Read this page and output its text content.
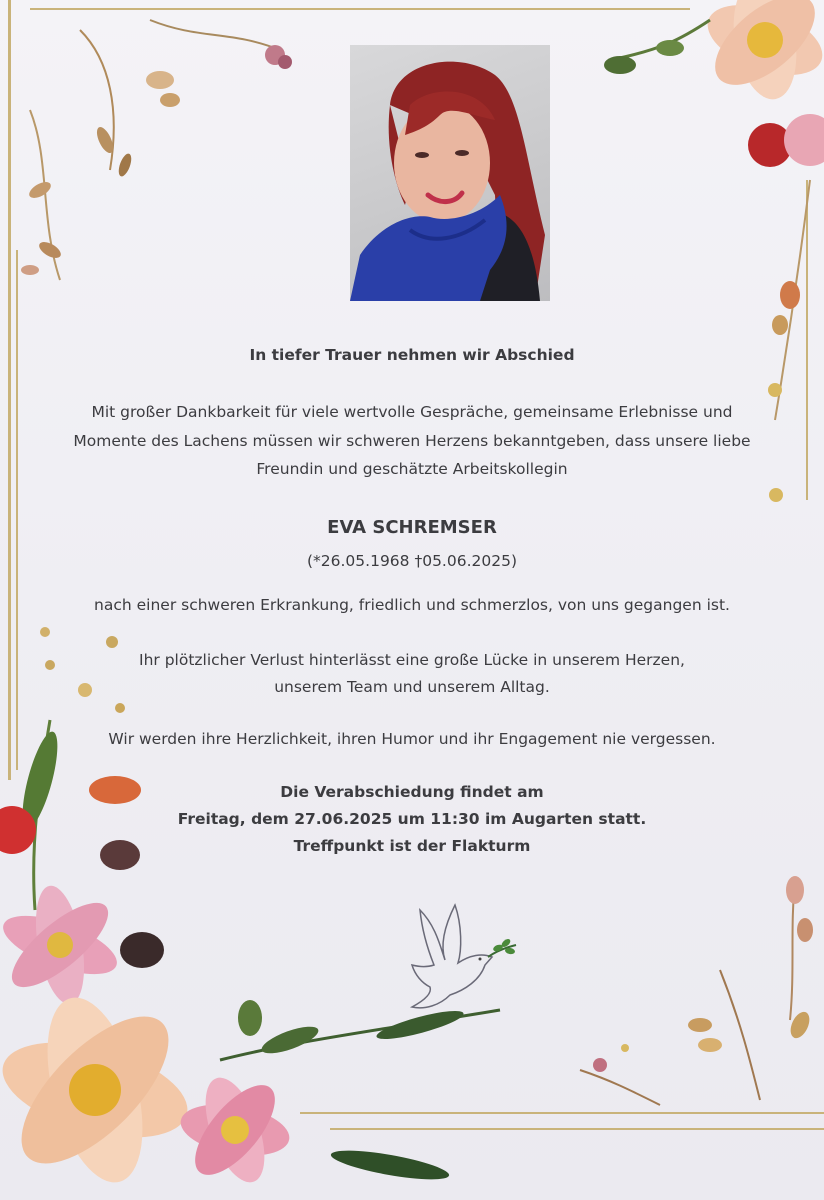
In tiefer Trauer nehmen wir Abschied
Mit großer Dankbarkeit für viele wertvolle Gespräche, gemeinsame Erlebnisse und
Momente des Lachens müssen wir schweren Herzens bekanntgeben, dass unsere liebe
Freundin und geschätzte Arbeitskollegin
EVA SCHREMSER
(*26.05.1968 †05.06.2025)
nach einer schweren Erkrankung, friedlich und schmerzlos, von uns gegangen ist.
Ihr plötzlicher Verlust hinterlässt eine große Lücke in unserem Herzen,
unserem Team und unserem Alltag.
Wir werden ihre Herzlichkeit, ihren Humor und ihr Engagement nie vergessen.
Die Verabschiedung findet am
Freitag, dem 27.06.2025 um 11:30 im Augarten statt.
Treffpunkt ist der Flakturm
